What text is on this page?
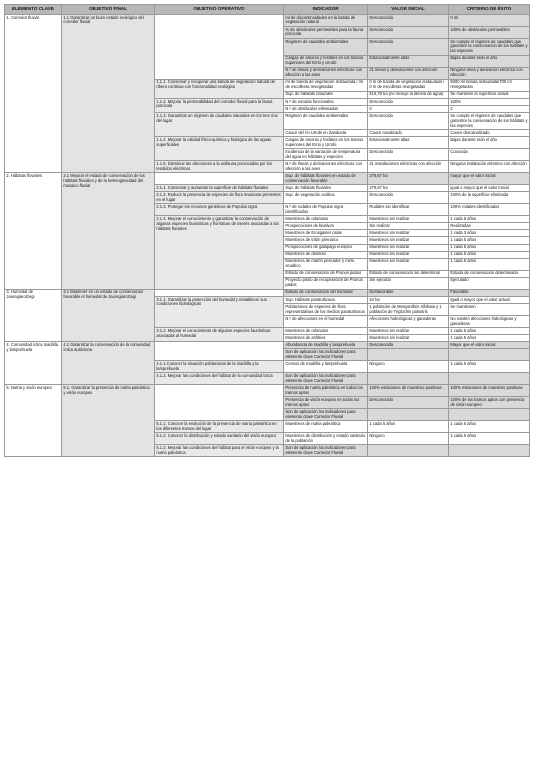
ELEMENTO CLAVE	OBJETIVO FINAL	OBJETIVO OPERATIVO	INDICADOR	VALOR INICIAL	CRITERIO DE ÉXITO
1. Corredor fluvial	1.1 Garantizar un buen estado ecológico del corredor fluvial		ml de discontinuidades en la banda de vegetación natural	Desconocido	0 ml
			% de obstáculos permeables para la fauna piscícola	Desconocido	100% de obstáculos permeables
			Régimen de caudales ambientales	Desconocido	Se cumple el régimen de caudales que garantice la conservación de los hábitats y las especies
			Cargas de amonio y fosfatos en los tramos superiores del Errio y Urrobi	Estacionalmente altas	Bajas durante todo el año
			N.º de líneas y derivaciones eléctricas con afección a las aves	21 líneas y derivaciones con afección	Ninguna línea y derivación eléctrica con afección
		1.1.1. Conservar y recuperar una banda de vegetación natural de ribera continua con funcionalidad ecológica	ml de banda de vegetación restaurada / ml de escolleras revegetadas	0 m de banda de vegetación restaurada / 0 m de escolleras revegetadas	5000 ml banda restaurada/700 ml revegetados
			Sup. de hábitats naturales	519,78 ha (no incluye la lámina de agua)	Se mantiene la superficie actual
		1.1.2. Mejorar la permeabilidad del corredor fluvial para la fauna piscícola	N.º de escalas funcionales	Desconocido	100%
			N.º de obstáculos eliminados	0	2
		1.1.3. Garantizar un régimen de caudales naturales en los tres ríos del lugar	Régimen de caudales ambientales	Desconocido	Se cumple el régimen de caudales que garantice la conservación de los hábitats y las especies
			Cauce del río Urrobi en Zandueta	Cauce canalizado	Cauce descanalizado
		1.1.4. Mejorar la calidad físico-química y biológica de las aguas superficiales	Cargas de amonio y fosfatos en los tramos superiores del Errio y Urrobi	Estacionalmente altas	Bajas durante todo el año
			Incidencia de la variación de temperatura del agua en hábitats y especies	Desconocido	Conocida
		1.1.5. Disminuir las afecciones a la avifauna provocadas por los tendidos eléctricos	N.º de líneas y derivaciones eléctricas con afección a las aves	21 instalaciones eléctricas con afección	Ninguna instalación eléctrica con afección
2. Hábitats fluviales	2.1 Mejorar el estado de conservación de los hábitats fluviales y de la heterogeneidad del mosaico fluvial		Sup. de hábitats fluviales en estado de conservación favorable	279,87 ha	mayor que el valor inicial
		2.1.1. Conservar y aumentar la superficie de hábitats fluviales	Sup. de hábitats fluviales	279,87 ha	igual o mayor que el valor inicial
		2.1.2. Reducir la presencia de especies de flora invasoras presentes en el lugar	Sup. de vegetación exótica	Desconocido	100% de la superficie eliminada
		2.1.3. Proteger los recursos genéticos de Populus nigra	N.º de rodales de Populus nigra identificados	Rodales sin identificar	100% rodales identificados
		2.1.4. Mejorar el conocimiento y garantizar la conservación de algunas especies faunísticas y florísticas de interés asociadas a los hábitats fluviales	Muestreos de odonatos	Muestreos sin realizar	1 cada 5 años
			Prospecciones de bivalvos	Sin realizar	Realizadas
			Muestreos de Erosgaster calas	Muestreos sin realizar	1 cada 3 años
			Muestreos de tritón pirenaico	Muestreos sin realizar	1 cada 5 años
			Prospecciones de galápago europeo	Muestreos sin realizar	1 cada 5 años
			Muestreos de desmán	Muestreos sin realizar	1 cada 5 años
			Muestreos de martín pescador y mirlo acuático	Muestreos sin realizar	1 cada 5 años
			Estado de conservación de Prunus padus	Estado de conservación sin determinar	Estado de conservación determinado
			Proyecto piloto de recuperación de Prunus padus	Sin ejecutar	Ejecutado
3. Humedal de Jauregiarotzegi	3.1 Mantener en un estado de conservación favorable el humedal de Jauregiarotzegi		Estado de conservación del humedal	Desfavorable	Favorable
		3.1.1. Garantizar la protección del humedal y restablecer sus condiciones hidrológicas	Sup. Hábitats paraturbosos	10 ha	Igual o mayor que el valor actual
			Poblaciones de especies de flora representativas de los medios paraturbosos	1 población de Menyanthes trifoliata y 1 población de Triglochin palustris	Se mantienen
			N.º de afecciones en el humedal	Afecciones hidrológicas y ganaderas	No existen afecciones hidrológicas y ganaderas
		3.1.2. Mejorar el conocimiento de algunas especies faunísticas asociadas al humedal	Muestreos de odonatos	Muestreos sin realizar	1 cada 5 años
			Muestreos de anfibios	Muestreos sin realizar	1 cada 5 años
4. Comunidad íctica madrilla y lamprehuela	4.1 Garantizar la conservación de la comunidad íctica autóctona		Abundancia de madrilla y lamprehuela	Desconocida	Mayor que el valor inicial
			Son de aplicación los indicadores para elemento clave Corredor Fluvial		
		4.1.1 Conocer la situación poblacional de la madrilla y la lamprehuela	Censos de madrilla y lamprehuela	Ninguno	1 cada 5 años
		4.1.2. Mejorar las condiciones del hábitat de la comunidad íctica	Son de aplicación los indicadores para elemento clave Corredor Fluvial		
5. Nutria y visón europeo	5.1. Garantizar la presencia de nutria paleártica y visón europeo		Presencia de nutria paleártica en todos los tramos aptos	100% estaciones de muestreo positivas	100% estaciones de muestreo positivas
			Presencia de visón europeo en todos los tramos aptos	Desconocido	100% de los tramos aptos con presencia de visón europeo
			Son de aplicación los indicadores para elemento clave Corredor Fluvial		
		5.1.1. Conocer la evolución de la presencia de nutria paleártica en los diferentes tramos del lugar	Muestreos de nutria paleártica	1 cada 5 años	1 cada 5 años
		5.1.2. Conocer la distribución y estado sanitario del visón europeo	Muestreos de distribución y estado sanitario de la población	Ninguno	1 cada 5 años
		5.1.3. Mejorar las condiciones del hábitat para el visón europeo y la nutria paleártica	Son de aplicación los indicadores para elemento clave Corredor Fluvial		
